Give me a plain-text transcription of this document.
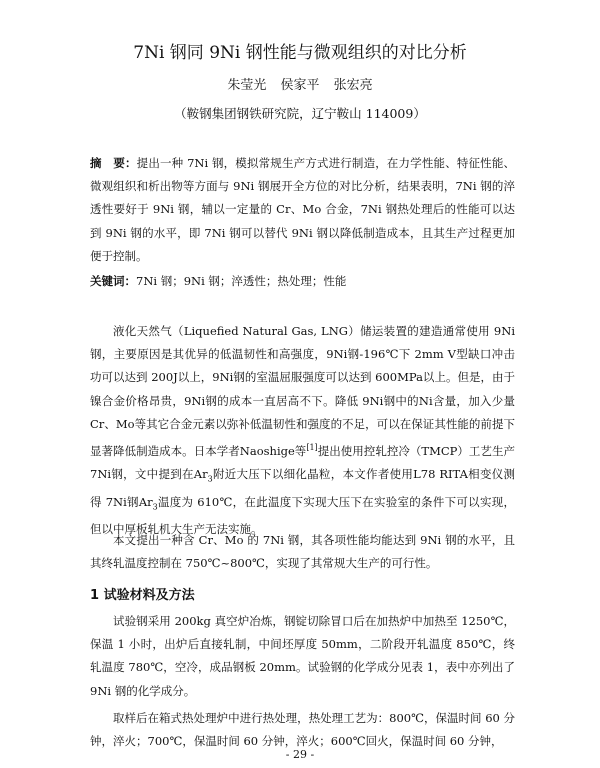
7Ni 钢同 9Ni 钢性能与微观组织的对比分析
朱莹光 侯家平 张宏亮
（鞍钢集团钢铁研究院，辽宁鞍山 114009）
摘　要：提出一种 7Ni 钢，模拟常规生产方式进行制造，在力学性能、特征性能、微观组织和析出物等方面与 9Ni 钢展开全方位的对比分析，结果表明，7Ni 钢的淬透性要好于 9Ni 钢，辅以一定量的 Cr、Mo 合金，7Ni 钢热处理后的性能可以达到 9Ni 钢的水平，即 7Ni 钢可以替代 9Ni 钢以降低制造成本，且其生产过程更加便于控制。
关键词：7Ni 钢；9Ni 钢；淬透性；热处理；性能

液化天然气（Liquefied Natural Gas, LNG）储运装置的建造通常使用 9Ni钢，主要原因是其优异的低温韧性和高强度，9Ni钢-196℃下 2mm V型缺口冲击功可以达到 200J以上，9Ni钢的室温屈服强度可以达到 600MPa以上。但是，由于镍合金价格昂贵，9Ni钢的成本一直居高不下。降低 9Ni钢中的Ni含量，加入少量 Cr、Mo等其它合金元素以弥补低温韧性和强度的不足，可以在保证其性能的前提下显著降低制造成本。日本学者Naoshige等[1]提出使用控轧控冷（TMCP）工艺生产 7Ni钢，文中提到在$Ar_3$附近大压下以细化晶粒，本文作者使用L78 RITA相变仪测得 7Ni钢$Ar_3$温度为 610℃，在此温度下实现大压下在实验室的条件下可以实现，但以中厚板轧机大生产无法实施。

本文提出一种含 Cr、Mo 的 7Ni 钢，其各项性能均能达到 9Ni 钢的水平，且其终轧温度控制在 750℃~800℃，实现了其常规大生产的可行性。

1 试验材料及方法

试验钢采用 200kg 真空炉冶炼，钢锭切除冒口后在加热炉中加热至 1250℃，保温 1 小时，出炉后直接轧制，中间坯厚度 50mm，二阶段开轧温度 850℃，终轧温度 780℃，空冷，成品钢板 20mm。试验钢的化学成分见表 1，表中亦列出了 9Ni 钢的化学成分。

取样后在箱式热处理炉中进行热处理，热处理工艺为：800℃，保温时间 60 分钟，淬火；700℃，保温时间 60 分钟，淬火；600℃回火，保温时间 60 分钟，

- 29 -
